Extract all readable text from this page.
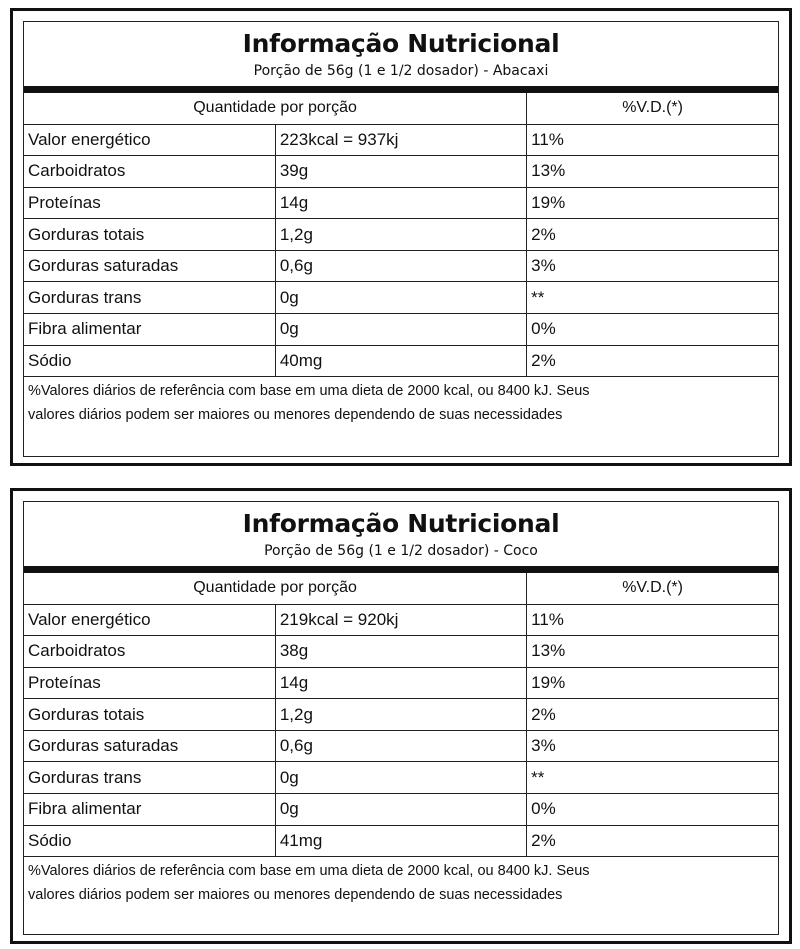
Informação Nutricional
Porção de 56g (1 e 1/2 dosador) - Abacaxi
Quantidade por porção		%V.D.(*)
Valor energético	223kcal = 937kj	11%
Carboidratos	39g	13%
Proteínas	14g	19%
Gorduras totais	1,2g	2%
Gorduras saturadas	0,6g	3%
Gorduras trans	0g	**
Fibra alimentar	0g	0%
Sódio	40mg	2%
%Valores diários de referência com base em uma dieta de 2000 kcal, ou 8400 kJ. Seus
valores diários podem ser maiores ou menores dependendo de suas necessidades
Informação Nutricional
Porção de 56g (1 e 1/2 dosador) - Coco
Quantidade por porção		%V.D.(*)
Valor energético	219kcal = 920kj	11%
Carboidratos	38g	13%
Proteínas	14g	19%
Gorduras totais	1,2g	2%
Gorduras saturadas	0,6g	3%
Gorduras trans	0g	**
Fibra alimentar	0g	0%
Sódio	41mg	2%
%Valores diários de referência com base em uma dieta de 2000 kcal, ou 8400 kJ. Seus
valores diários podem ser maiores ou menores dependendo de suas necessidades
